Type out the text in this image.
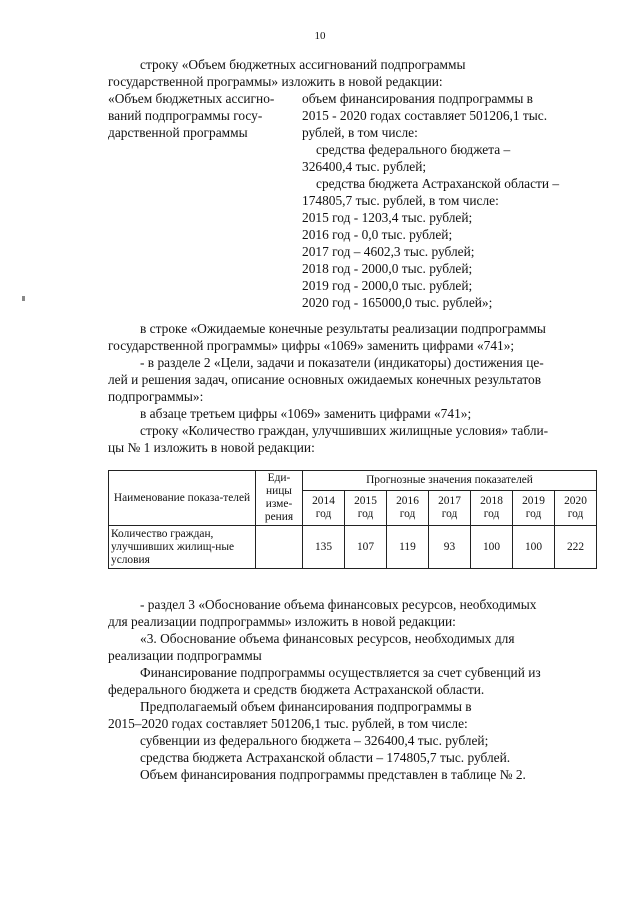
10
строку «Объем бюджетных ассигнований подпрограммы
государственной программы» изложить в новой редакции:
«Объем бюджетных ассигно-
ваний подпрограммы госу-
дарственной программы
объем финансирования подпрограммы в
2015 - 2020 годах составляет 501206,1 тыс.
рублей, в том числе:
средства федерального бюджета –
326400,4 тыс. рублей;
средства бюджета Астраханской области –
174805,7 тыс. рублей, в том числе:
2015 год - 1203,4 тыс. рублей;
2016 год - 0,0 тыс. рублей;
2017 год – 4602,3 тыс. рублей;
2018 год - 2000,0 тыс. рублей;
2019 год - 2000,0 тыс. рублей;
2020 год - 165000,0 тыс. рублей»;
в строке «Ожидаемые конечные результаты реализации подпрограммы
государственной программы» цифры «1069» заменить цифрами «741»;
- в разделе 2 «Цели, задачи и показатели (индикаторы) достижения це-
лей и решения задач, описание основных ожидаемых конечных результатов
подпрограммы»:
в абзаце третьем цифры «1069» заменить цифрами «741»;
строку «Количество граждан, улучшивших жилищные условия» табли-
цы № 1 изложить в новой редакции:
Наименование показа-телей	Еди-ницы изме-рения	Прогнозные значения показателей						
		2014 год	2015 год	2016 год	2017 год	2018 год	2019 год	2020 год
Количество граждан, улучшивших жилищ-ные условия		135	107	119	93	100	100	222
- раздел 3 «Обоснование объема финансовых ресурсов, необходимых
для реализации подпрограммы» изложить в новой редакции:
«3. Обоснование объема финансовых ресурсов, необходимых для
реализации подпрограммы
Финансирование подпрограммы осуществляется за счет субвенций из
федерального бюджета и средств бюджета Астраханской области.
Предполагаемый объем финансирования подпрограммы в
2015–2020 годах составляет 501206,1 тыс. рублей, в том числе:
субвенции из федерального бюджета – 326400,4 тыс. рублей;
средства бюджета Астраханской области – 174805,7 тыс. рублей.
Объем финансирования подпрограммы представлен в таблице № 2.
